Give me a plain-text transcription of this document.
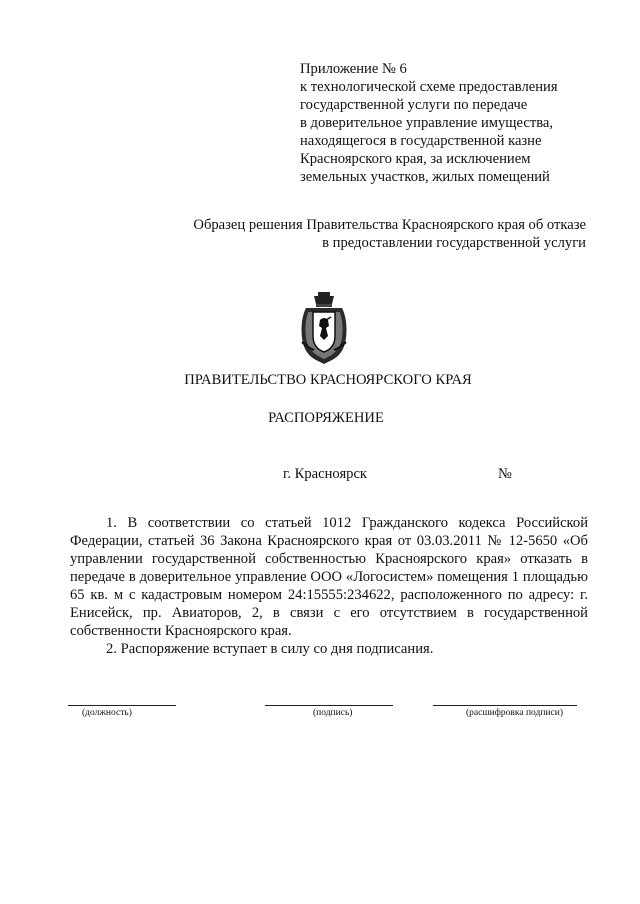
Приложение № 6
к технологической схеме предоставления
государственной услуги по передаче
в доверительное управление имущества,
находящегося в государственной казне
Красноярского края, за исключением
земельных участков, жилых помещений
Образец решения Правительства Красноярского края об отказе
в предоставлении государственной услуги
ПРАВИТЕЛЬСТВО КРАСНОЯРСКОГО КРАЯ
РАСПОРЯЖЕНИЕ
г. Красноярск	№

1. В соответствии со статьей 1012 Гражданского кодекса Российской Федерации, статьей 36 Закона Красноярского края от 03.03.2011 № 12-5650 «Об управлении государственной собственностью Красноярского края» отказать в передаче в доверительное управление ООО «Логосистем» помещения 1 площадью 65 кв. м с кадастровым номером 24:15555:234622, расположенного по адресу: г. Енисейск, пр. Авиаторов, 2, в связи с его отсутствием в государственной собственности Красноярского края.

2. Распоряжение вступает в силу со дня подписания.

(должность)	(подпись)	(расшифровка подписи)
